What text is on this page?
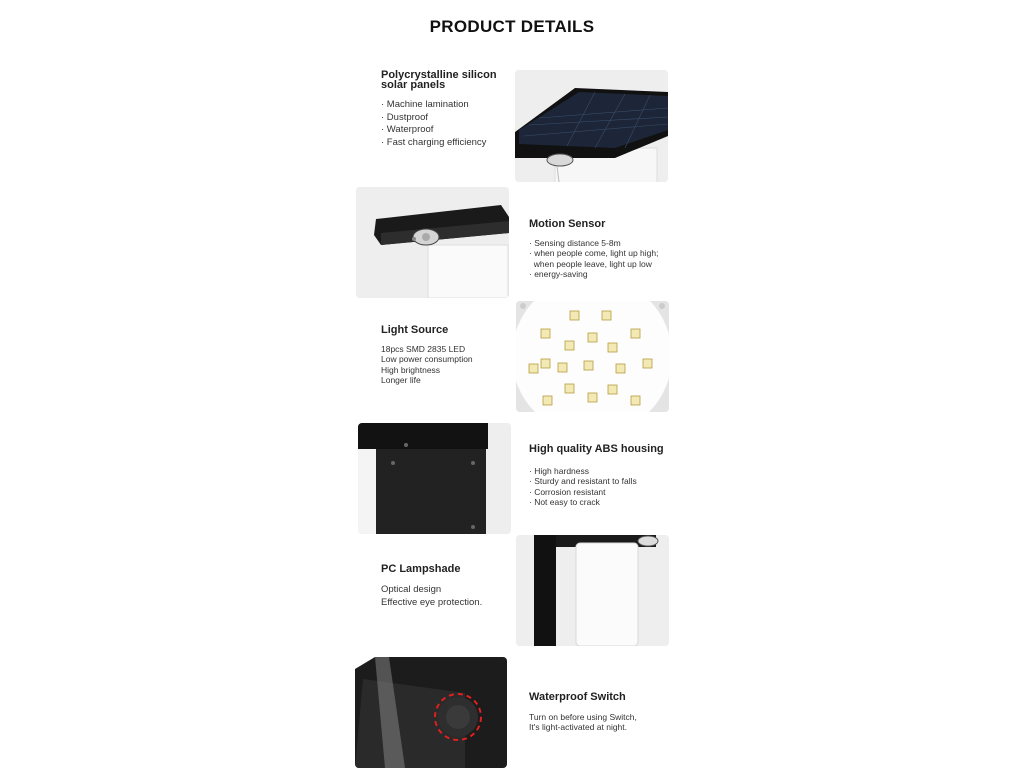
PRODUCT DETAILS
Polycrystalline silicon solar panels
· Machine lamination
· Dustproof
· Waterproof
· Fast charging efficiency
Motion Sensor
· Sensing distance 5-8m
· when people come, light up high;
when people leave, light up low
· energy-saving
Light Source
18pcs SMD 2835 LED
Low power consumption
High brightness
Longer life
High quality ABS housing
· High hardness
· Sturdy and resistant to falls
· Corrosion resistant
· Not easy to crack
PC Lampshade
Optical design
Effective eye protection.
Waterproof Switch
Turn on before using Switch,
It's light-activated at night.
